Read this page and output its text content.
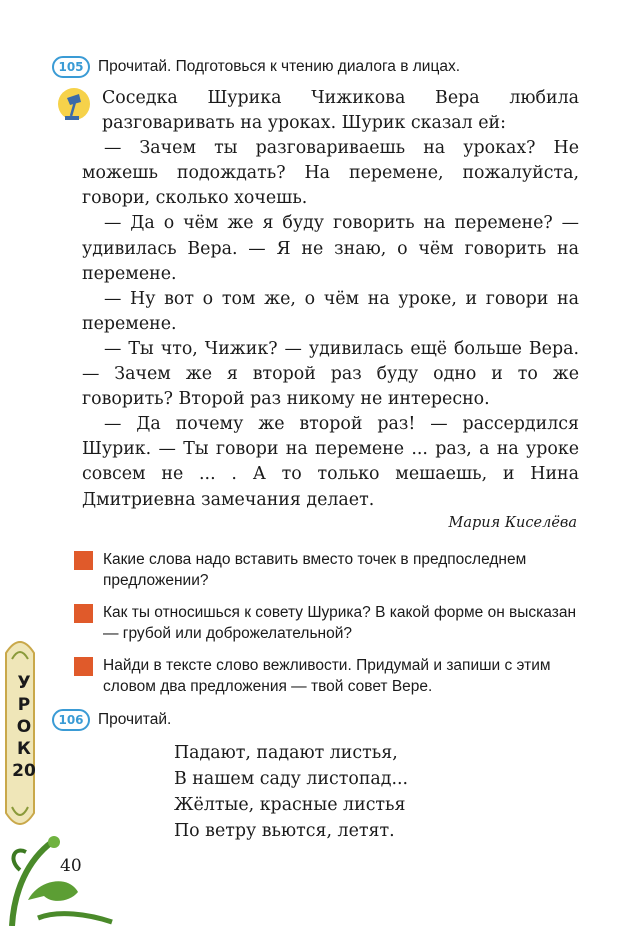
105 Прочитай. Подготовься к чтению диалога в лицах.

Соседка Шурика Чижикова Вера любила разговаривать на уроках. Шурик сказал ей:

— Зачем ты разговариваешь на уроках? Не можешь подождать? На перемене, пожалуйста, говори, сколько хочешь.

— Да о чём же я буду говорить на перемене? — удивилась Вера. — Я не знаю, о чём говорить на перемене.

— Ну вот о том же, о чём на уроке, и говори на перемене.

— Ты что, Чижик? — удивилась ещё больше Вера. — Зачем же я второй раз буду одно и то же говорить? Второй раз никому не интересно.

— Да почему же второй раз! — рассердился Шурик. — Ты говори на перемене ... раз, а на уроке совсем не ... . А то только мешаешь, и Нина Дмитриевна замечания делает.

Мария Киселёва
Какие слова надо вставить вместо точек в предпоследнем предложении?
Как ты относишься к совету Шурика? В какой форме он высказан — грубой или доброжелательной?
Найди в тексте слово вежливости. Придумай и запиши с этим словом два предложения — твой совет Вере.
106 Прочитай.
Падают, падают листья,
В нашем саду листопад...
Жёлтые, красные листья
По ветру вьются, летят.
У
Р
О
К
20
40
